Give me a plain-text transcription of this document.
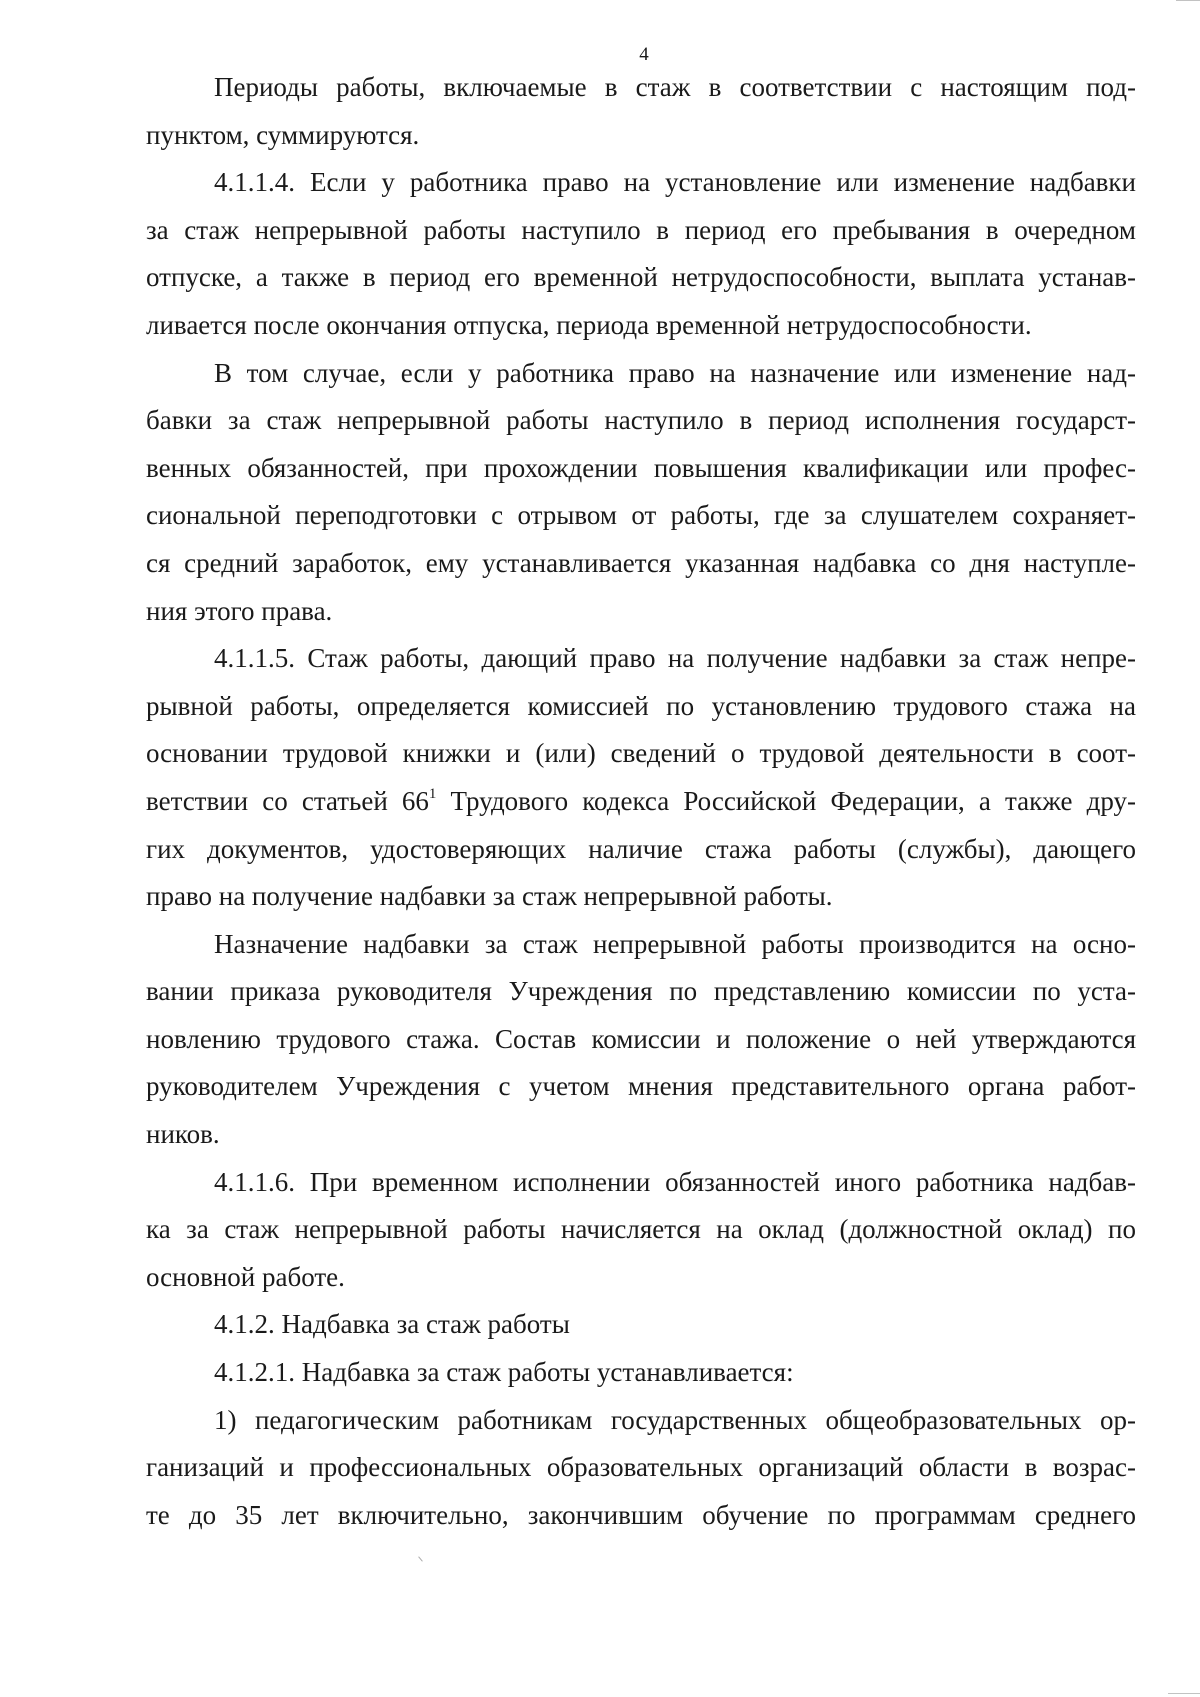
4
Периоды работы, включаемые в стаж в соответствии с настоящим под-
пунктом, суммируются.
4.1.1.4. Если у работника право на установление или изменение надбавки
за стаж непрерывной работы наступило в период его пребывания в очередном
отпуске, а также в период его временной нетрудоспособности, выплата устанав-
ливается после окончания отпуска, периода временной нетрудоспособности.
В том случае, если у работника право на назначение или изменение над-
бавки за стаж непрерывной работы наступило в период исполнения государст-
венных обязанностей, при прохождении повышения квалификации или профес-
сиональной переподготовки с отрывом от работы, где за слушателем сохраняет-
ся средний заработок, ему устанавливается указанная надбавка со дня наступле-
ния этого права.
4.1.1.5. Стаж работы, дающий право на получение надбавки за стаж непре-
рывной работы, определяется комиссией по установлению трудового стажа на
основании трудовой книжки и (или) сведений о трудовой деятельности в соот-
ветствии со статьей $66^1$ Трудового кодекса Российской Федерации, а также дру-
гих документов, удостоверяющих наличие стажа работы (службы), дающего
право на получение надбавки за стаж непрерывной работы.
Назначение надбавки за стаж непрерывной работы производится на осно-
вании приказа руководителя Учреждения по представлению комиссии по уста-
новлению трудового стажа. Состав комиссии и положение о ней утверждаются
руководителем Учреждения с учетом мнения представительного органа работ-
ников.
4.1.1.6. При временном исполнении обязанностей иного работника надбав-
ка за стаж непрерывной работы начисляется на оклад (должностной оклад) по
основной работе.
4.1.2. Надбавка за стаж работы
4.1.2.1. Надбавка за стаж работы устанавливается:
1) педагогическим работникам государственных общеобразовательных ор-
ганизаций и профессиональных образовательных организаций области в возрас-
те до 35 лет включительно, закончившим обучение по программам среднего
